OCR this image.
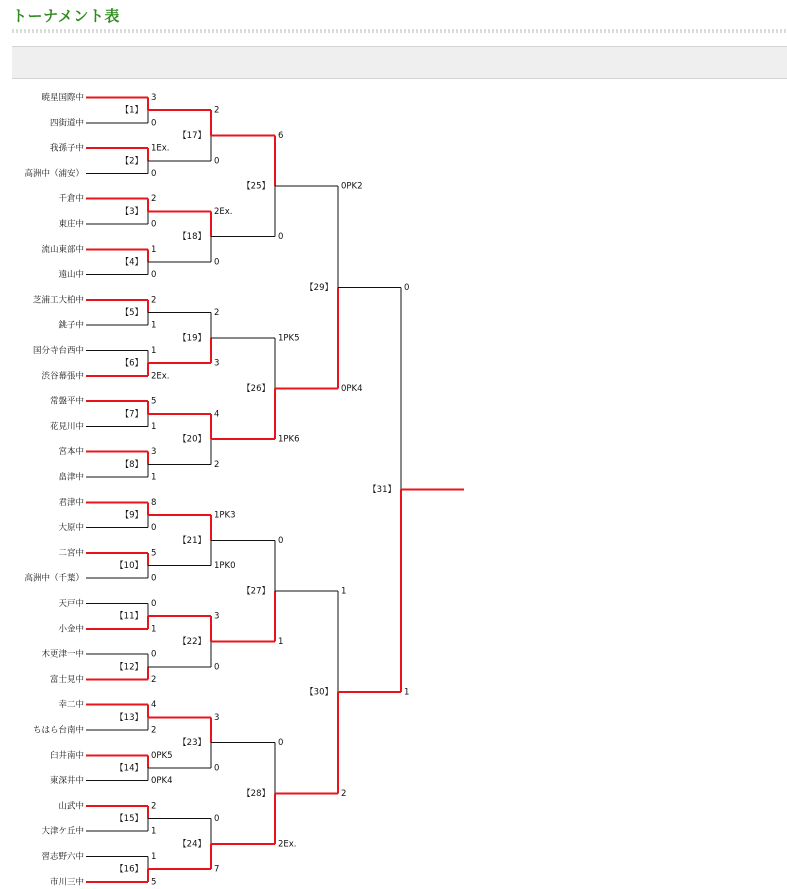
トーナメント表
暁星国際中
四街道中
我孫子中
高洲中（浦安）
千倉中
東庄中
流山東部中
遠山中
芝浦工大柏中
銚子中
国分寺台西中
渋谷幕張中
常盤平中
花見川中
宮本中
畠津中
君津中
大原中
二宮中
高洲中（千葉）
天戸中
小金中
木更津一中
富士見中
幸二中
ちはら台南中
臼井南中
東深井中
山武中
大津ケ丘中
習志野六中
市川三中
3
0
【1】
1Ex.
0
【2】
2
0
【3】
1
0
【4】
2
1
【5】
1
2Ex.
【6】
5
1
【7】
3
1
【8】
8
0
【9】
5
0
【10】
0
1
【11】
0
2
【12】
4
2
【13】
0PK5
0PK4
【14】
2
1
【15】
1
5
【16】
2
0
【17】
2Ex.
0
【18】
2
3
【19】
4
2
【20】
1PK3
1PK0
【21】
3
0
【22】
3
0
【23】
0
7
【24】
6
0
【25】
1PK5
1PK6
【26】
0
1
【27】
0
2Ex.
【28】
0PK2
0PK4
【29】
1
2
【30】
0
1
【31】
